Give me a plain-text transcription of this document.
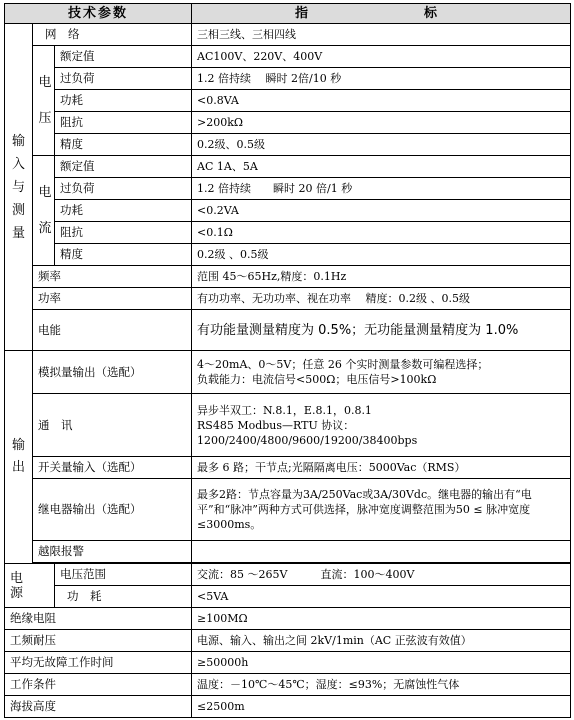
技术参数			指　　标
输入与测量	网　络		三相三线、三相四线
	电压	额定值	AC100V、220V、400V
		过负荷	1.2 倍持续　 瞬时 2倍/10 秒
		功耗	<0.8VA
		阻抗	>200kΩ
		精度	0.2级、0.5级
	电流	额定值	AC 1A、5A
		过负荷	1.2 倍持续　　瞬时 20 倍/1 秒
		功耗	<0.2VA
		阻抗	<0.1Ω
		精度	0.2级 、0.5级
	频率		范围 45～65Hz,精度：0.1Hz
	功率		有功功率、无功功率、视在功率　 精度：0.2级 、0.5级
	电能		有功能量测量精度为 0.5%；无功能量测量精度为 1.0%
输出	模拟量输出（选配）		4～20mA、0～5V；任意 26 个实时测量参数可编程选择；
负载能力：电流信号<500Ω；电压信号>100kΩ
	通　讯		异步半双工：N.8.1，E.8.1，0.8.1
RS485 Modbus—RTU 协议：
1200/2400/4800/9600/19200/38400bps
	开关量输入（选配）		最多 6 路；干节点;光隔隔离电压：5000Vac（RMS）
	继电器输出（选配）		最多2路：节点容量为3A/250Vac或3A/30Vdc。继电器的输出有“电平”和“脉冲”两种方式可供选择，脉冲宽度调整范围为50 ≤ 脉冲宽度 ≤3000ms。
	越限报警		

电 源		电压范围	交流：85 ～265V　　　直流：100～400V
		功　耗	<5VA
绝缘电阻			≥100MΩ
工频耐压			电源、输入、输出之间 2kV/1min（AC 正弦波有效值）
平均无故障工作时间			≥50000h
工作条件			温度：－10℃～45℃；湿度：≤93%；无腐蚀性气体
海拔高度			≤2500m
